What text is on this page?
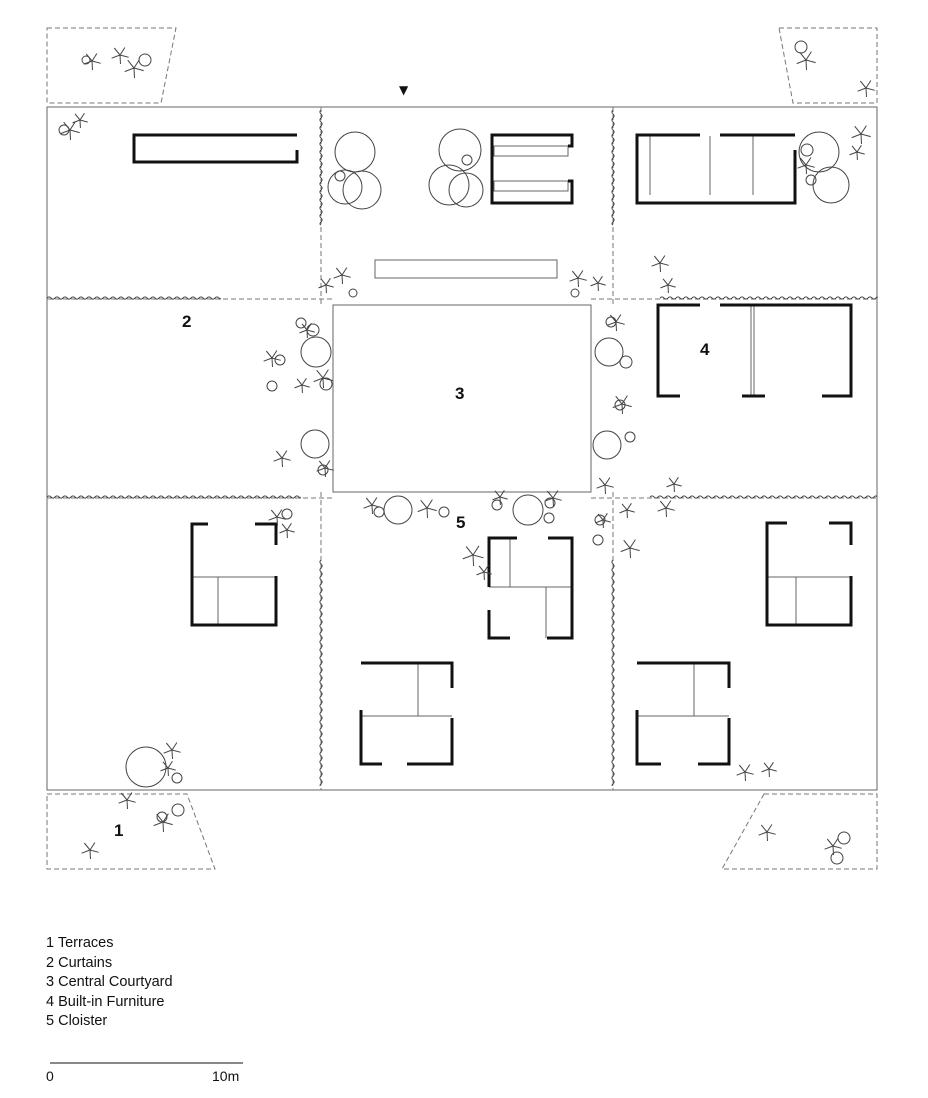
▼
1
2
3
4
5
0	10m
1 Terraces
2 Curtains
3 Central Courtyard
4 Built-in Furniture
5 Cloister
